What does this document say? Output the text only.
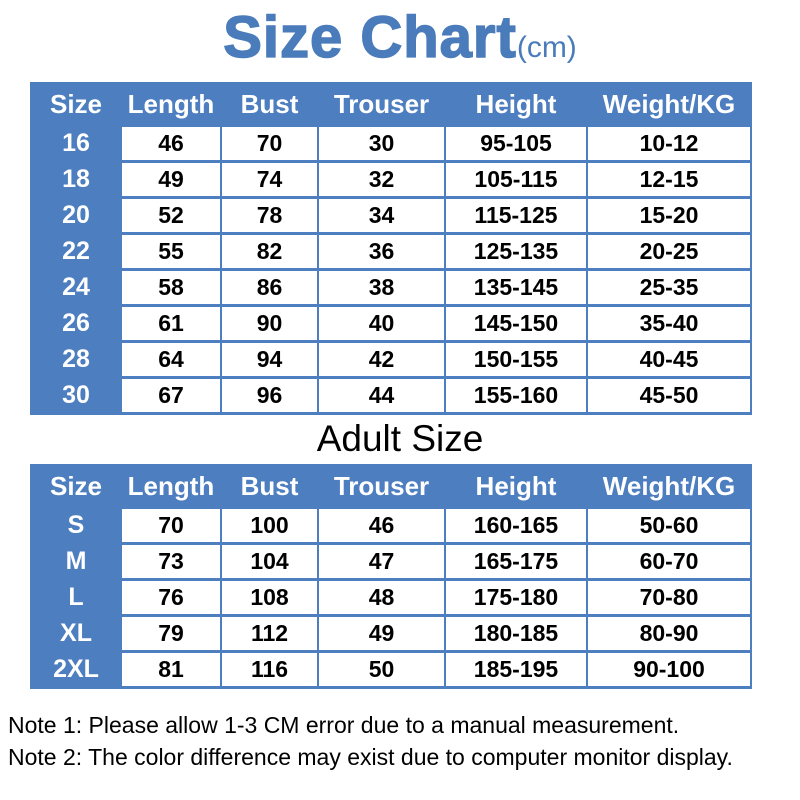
Size Chart(cm)
Size	Length	Bust	Trouser	Height	Weight/KG
16	46	70	30	95-105	10-12
18	49	74	32	105-115	12-15
20	52	78	34	115-125	15-20
22	55	82	36	125-135	20-25
24	58	86	38	135-145	25-35
26	61	90	40	145-150	35-40
28	64	94	42	150-155	40-45
30	67	96	44	155-160	45-50
Adult Size
Size	Length	Bust	Trouser	Height	Weight/KG
S	70	100	46	160-165	50-60
M	73	104	47	165-175	60-70
L	76	108	48	175-180	70-80
XL	79	112	49	180-185	80-90
2XL	81	116	50	185-195	90-100
Note 1: Please allow 1-3 CM error due to a manual measurement.
Note 2: The color difference may exist due to computer monitor display.
